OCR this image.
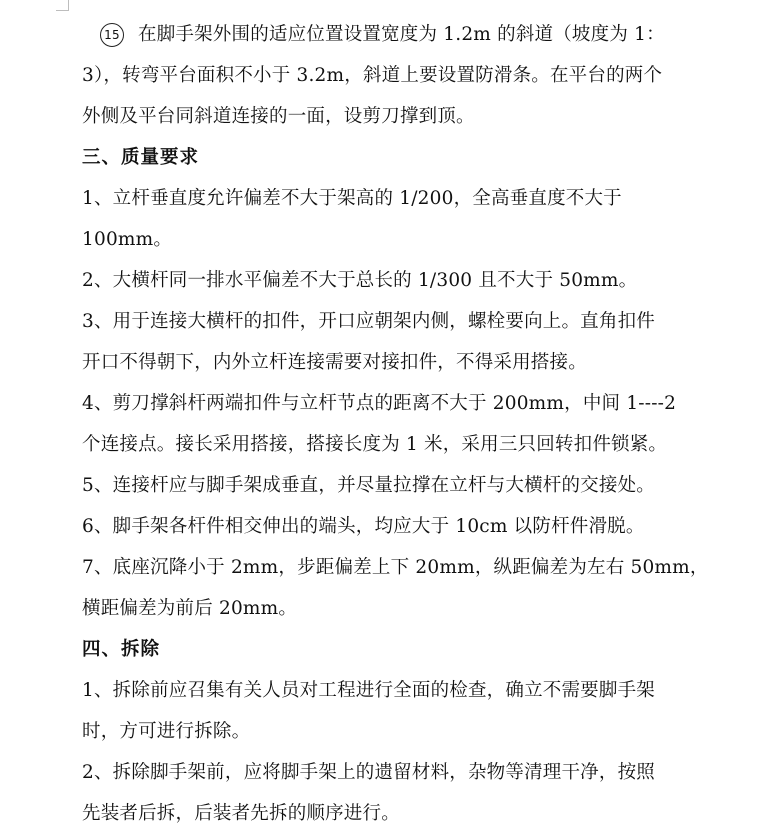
15 在脚手架外围的适应位置设置宽度为 1.2m 的斜道（坡度为 1：
3），转弯平台面积不小于 3.2m，斜道上要设置防滑条。在平台的两个
外侧及平台同斜道连接的一面，设剪刀撑到顶。
三、质量要求
1、立杆垂直度允许偏差不大于架高的 1/200，全高垂直度不大于
100mm。
2、大横杆同一排水平偏差不大于总长的 1/300 且不大于 50mm。
3、用于连接大横杆的扣件，开口应朝架内侧，螺栓要向上。直角扣件
开口不得朝下，内外立杆连接需要对接扣件，不得采用搭接。
4、剪刀撑斜杆两端扣件与立杆节点的距离不大于 200mm，中间 1----2
个连接点。接长采用搭接，搭接长度为 1 米，采用三只回转扣件锁紧。
5、连接杆应与脚手架成垂直，并尽量拉撑在立杆与大横杆的交接处。
6、脚手架各杆件相交伸出的端头，均应大于 10cm 以防杆件滑脱。
7、底座沉降小于 2mm，步距偏差上下 20mm，纵距偏差为左右 50mm，
横距偏差为前后 20mm。
四、拆除
1、拆除前应召集有关人员对工程进行全面的检查，确立不需要脚手架
时，方可进行拆除。
2、拆除脚手架前，应将脚手架上的遗留材料，杂物等清理干净，按照
先装者后拆，后装者先拆的顺序进行。
